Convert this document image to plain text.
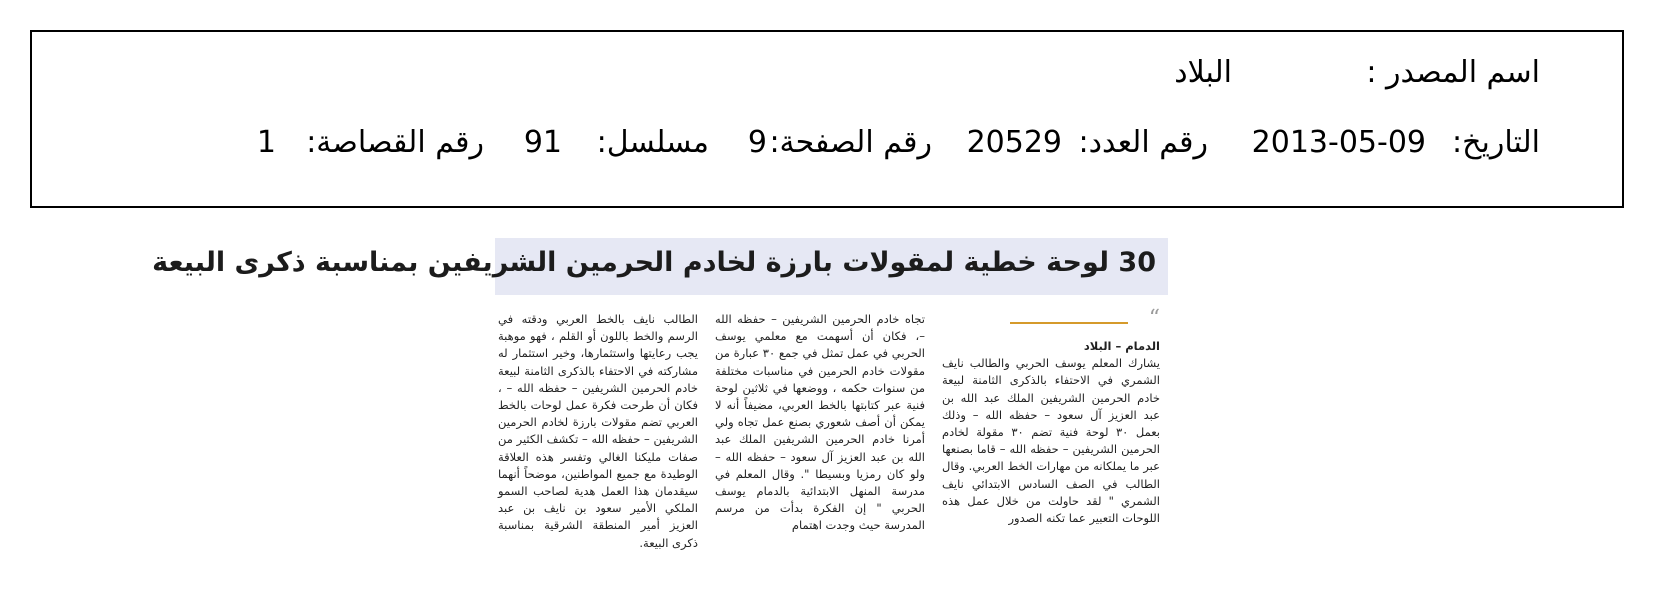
اسم المصدر :
البلاد
التاريخ:
2013-05-09
رقم العدد:
20529
رقم الصفحة:
9
مسلسل:
91
رقم القصاصة:
1
30 لوحة خطية لمقولات بارزة لخادم الحرمين الشريفين بمناسبة ذكرى البيعة
“

الدمام – البلاد

يشارك المعلم يوسف الحربي والطالب نايف الشمري في الاحتفاء بالذكرى الثامنة لبيعة خادم الحرمين الشريفين الملك عبد الله بن عبد العزيز آل سعود – حفظه الله – وذلك بعمل ٣٠ لوحة فنية تضم ٣٠ مقولة لخادم الحرمين الشريفين – حفظه الله – قاما بصنعها عبر ما يملكانه من مهارات الخط العربي. وقال الطالب في الصف السادس الابتدائي نايف الشمري " لقد حاولت من خلال عمل هذه اللوحات التعبير عما تكنه الصدور

تجاه خادم الحرمين الشريفين – حفظه الله –، فكان أن أسهمت مع معلمي يوسف الحربي في عمل تمثل في جمع ٣٠ عبارة من مقولات خادم الحرمين في مناسبات مختلفة من سنوات حكمه ، ووضعها في ثلاثين لوحة فنية عبر كتابتها بالخط العربي، مضيفاً أنه لا يمكن أن أصف شعوري بصنع عمل تجاه ولي أمرنا خادم الحرمين الشريفين الملك عبد الله بن عبد العزيز آل سعود – حفظه الله – ولو كان رمزيا وبسيطا ". وقال المعلم في مدرسة المنهل الابتدائية بالدمام يوسف الحربي " إن الفكرة بدأت من مرسم المدرسة حيث وجدت اهتمام

الطالب نايف بالخط العربي ودقته في الرسم والخط باللون أو القلم ، فهو موهبة يجب رعايتها واستثمارها، وخير استثمار له مشاركته في الاحتفاء بالذكرى الثامنة لبيعة خادم الحرمين الشريفين – حفظه الله – ، فكان أن طرحت فكرة عمل لوحات بالخط العربي تضم مقولات بارزة لخادم الحرمين الشريفين – حفظه الله – تكشف الكثير من صفات مليكنا الغالي وتفسر هذه العلاقة الوطيدة مع جميع المواطنين، موضحاً أنهما سيقدمان هذا العمل هدية لصاحب السمو الملكي الأمير سعود بن نايف بن عبد العزيز أمير المنطقة الشرقية بمناسبة ذكرى البيعة.
